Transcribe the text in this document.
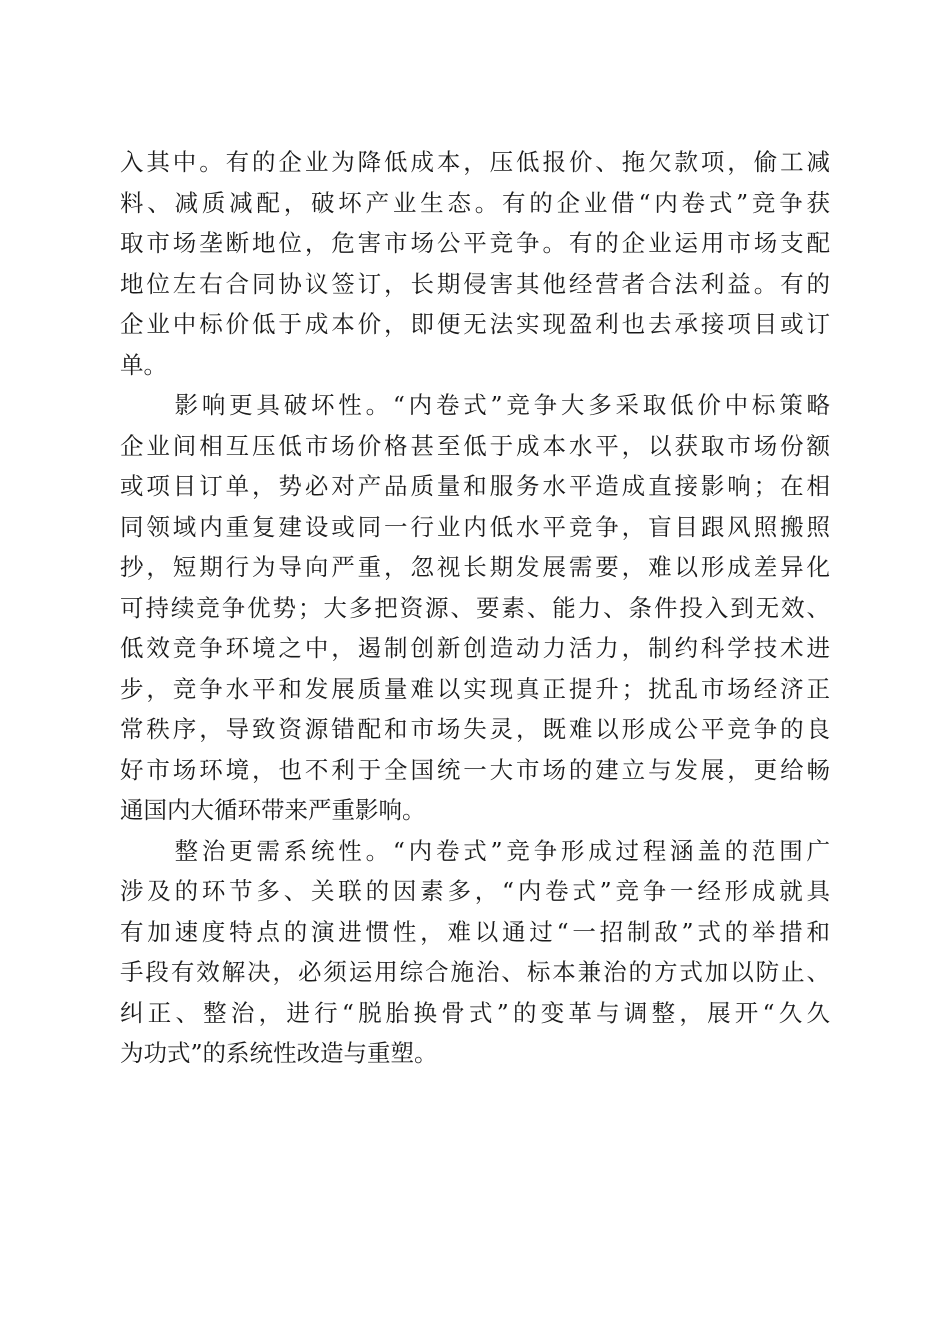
入其中。有的企业为降低成本，压低报价、拖欠款项，偷工减
料、减质减配，破坏产业生态。有的企业借“内卷式”竞争获
取市场垄断地位，危害市场公平竞争。有的企业运用市场支配
地位左右合同协议签订，长期侵害其他经营者合法利益。有的
企业中标价低于成本价，即便无法实现盈利也去承接项目或订
单。
　　影响更具破坏性。“内卷式”竞争大多采取低价中标策略
企业间相互压低市场价格甚至低于成本水平，以获取市场份额
或项目订单，势必对产品质量和服务水平造成直接影响；在相
同领域内重复建设或同一行业内低水平竞争，盲目跟风照搬照
抄，短期行为导向严重，忽视长期发展需要，难以形成差异化
可持续竞争优势；大多把资源、要素、能力、条件投入到无效、
低效竞争环境之中，遏制创新创造动力活力，制约科学技术进
步，竞争水平和发展质量难以实现真正提升；扰乱市场经济正
常秩序，导致资源错配和市场失灵，既难以形成公平竞争的良
好市场环境，也不利于全国统一大市场的建立与发展，更给畅
通国内大循环带来严重影响。
　　整治更需系统性。“内卷式”竞争形成过程涵盖的范围广
涉及的环节多、关联的因素多，“内卷式”竞争一经形成就具
有加速度特点的演进惯性，难以通过“一招制敌”式的举措和
手段有效解决，必须运用综合施治、标本兼治的方式加以防止、
纠正、整治，进行“脱胎换骨式”的变革与调整，展开“久久
为功式”的系统性改造与重塑。
